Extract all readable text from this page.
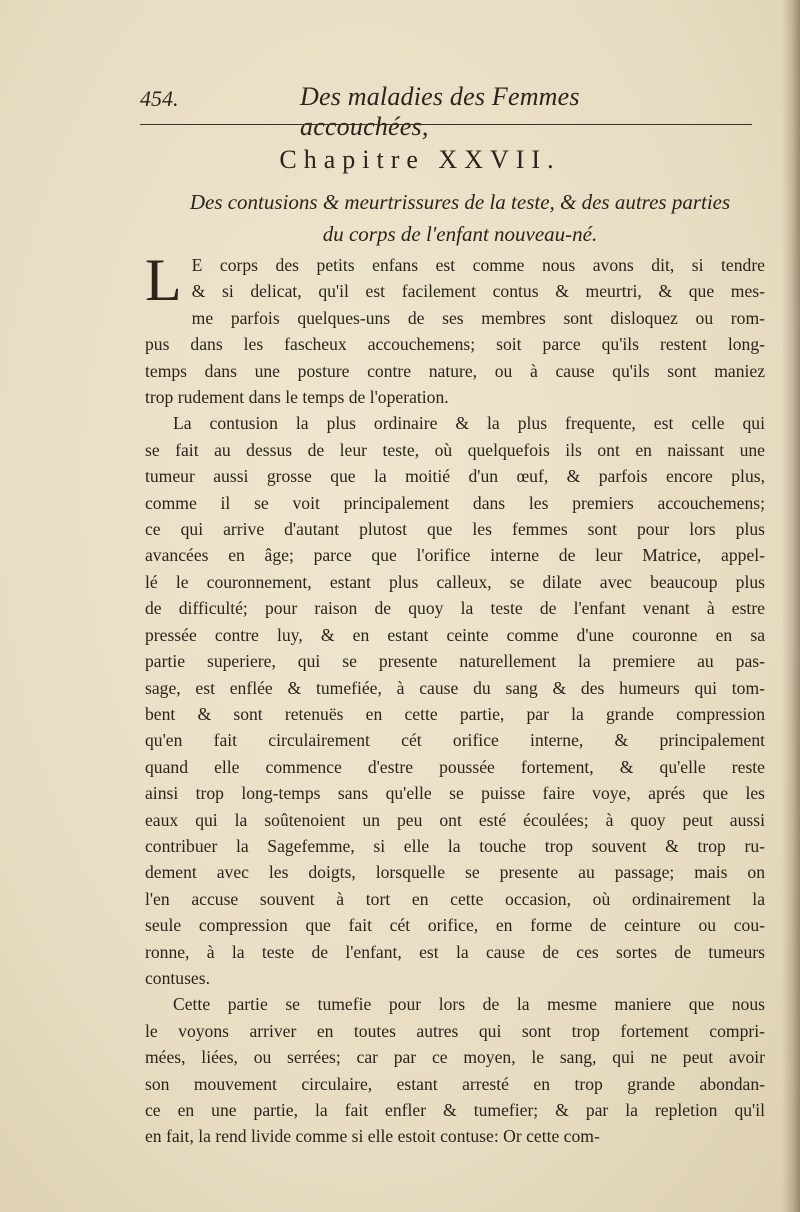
454.	Des maladies des Femmes accouchées,
Chapitre XXVII.
Des contusions & meurtrissures de la teste, & des autres parties
du corps de l'enfant nouveau-né.
L E corps des petits enfans est comme nous avons dit, si tendre
& si delicat, qu'il est facilement contus & meurtri, & que mes-
me parfois quelques-uns de ses membres sont disloquez ou rom-
pus dans les fascheux accouchemens; soit parce qu'ils restent long-
temps dans une posture contre nature, ou à cause qu'ils sont maniez
trop rudement dans le temps de l'operation.
La contusion la plus ordinaire & la plus frequente, est celle qui
se fait au dessus de leur teste, où quelquefois ils ont en naissant une
tumeur aussi grosse que la moitié d'un œuf, & parfois encore plus,
comme il se voit principalement dans les premiers accouchemens;
ce qui arrive d'autant plutost que les femmes sont pour lors plus
avancées en âge; parce que l'orifice interne de leur Matrice, appel-
lé le couronnement, estant plus calleux, se dilate avec beaucoup plus
de difficulté; pour raison de quoy la teste de l'enfant venant à estre
pressée contre luy, & en estant ceinte comme d'une couronne en sa
partie superiere, qui se presente naturellement la premiere au pas-
sage, est enflée & tumefiée, à cause du sang & des humeurs qui tom-
bent & sont retenuës en cette partie, par la grande compression
qu'en fait circulairement cét orifice interne, & principalement
quand elle commence d'estre poussée fortement, & qu'elle reste
ainsi trop long-temps sans qu'elle se puisse faire voye, aprés que les
eaux qui la soûtenoient un peu ont esté écoulées; à quoy peut aussi
contribuer la Sagefemme, si elle la touche trop souvent & trop ru-
dement avec les doigts, lorsquelle se presente au passage; mais on
l'en accuse souvent à tort en cette occasion, où ordinairement la
seule compression que fait cét orifice, en forme de ceinture ou cou-
ronne, à la teste de l'enfant, est la cause de ces sortes de tumeurs
contuses.
Cette partie se tumefie pour lors de la mesme maniere que nous
le voyons arriver en toutes autres qui sont trop fortement compri-
mées, liées, ou serrées; car par ce moyen, le sang, qui ne peut avoir
son mouvement circulaire, estant arresté en trop grande abondan-
ce en une partie, la fait enfler & tumefier; & par la repletion qu'il
en fait, la rend livide comme si elle estoit contuse: Or cette com-
